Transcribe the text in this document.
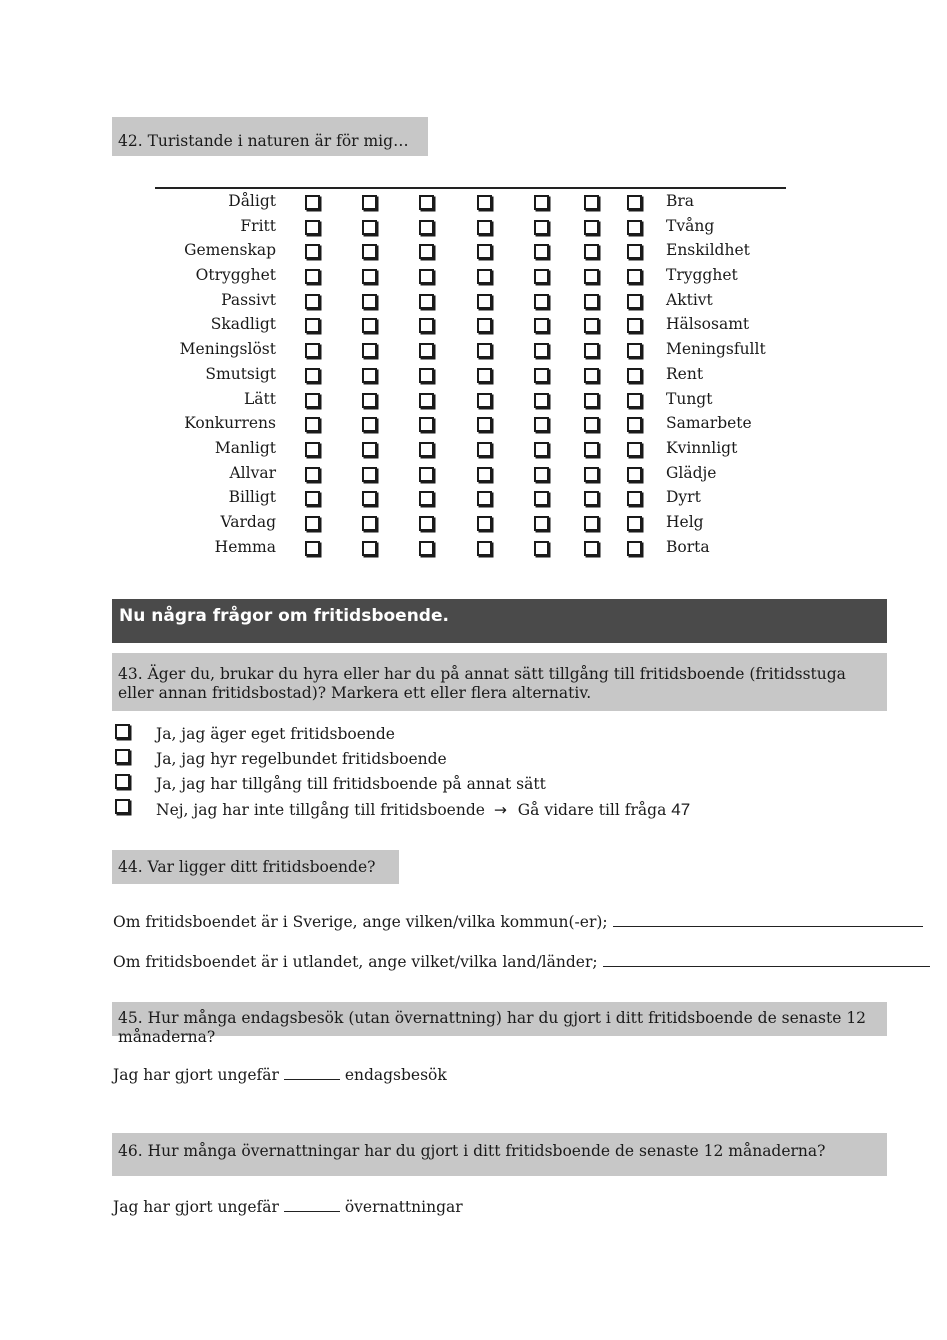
42. Turistande i naturen är för mig…
Dåligt	Bra
Fritt	Tvång
Gemenskap	Enskildhet
Otrygghet	Trygghet
Passivt	Aktivt
Skadligt	Hälsosamt
Meningslöst	Meningsfullt
Smutsigt	Rent
Lätt	Tungt
Konkurrens	Samarbete
Manligt	Kvinnligt
Allvar	Glädje
Billigt	Dyrt
Vardag	Helg
Hemma	Borta
Nu några frågor om fritidsboende.
43. Äger du, brukar du hyra eller har du på annat sätt tillgång till fritidsboende (fritidsstuga eller annan fritidsbostad)? Markera ett eller flera alternativ.
Ja, jag äger eget fritidsboende
Ja, jag hyr regelbundet fritidsboende
Ja, jag har tillgång till fritidsboende på annat sätt
Nej, jag har inte tillgång till fritidsboende → Gå vidare till fråga 47
44. Var ligger ditt fritidsboende?
Om fritidsboendet är i Sverige, ange vilken/vilka kommun(-er);
Om fritidsboendet är i utlandet, ange vilket/vilka land/länder;
45. Hur många endagsbesök (utan övernattning) har du gjort i ditt fritidsboende de senaste 12 månaderna?
Jag har gjort ungefär	endagsbesök
46. Hur många övernattningar har du gjort i ditt fritidsboende de senaste 12 månaderna?
Jag har gjort ungefär	övernattningar
